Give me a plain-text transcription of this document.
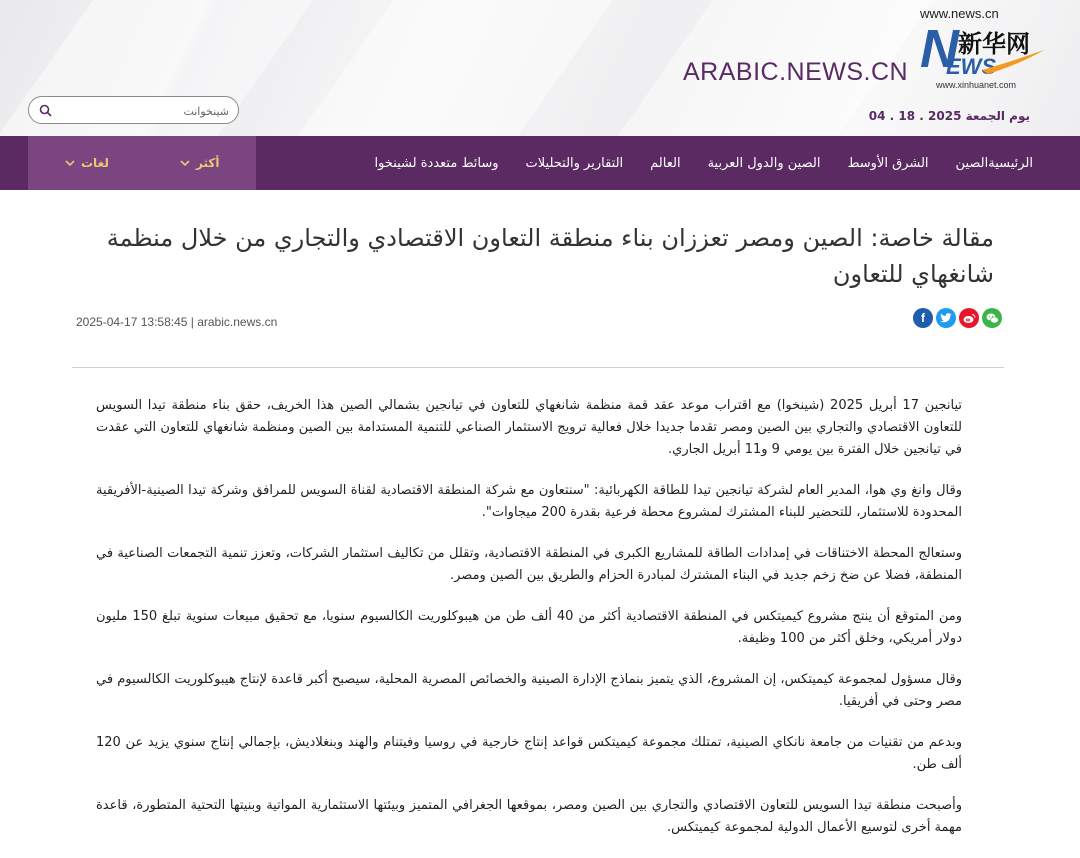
شينخوانت
ARABIC.NEWS.CN
www.news.cn
N 新华网
EWS
www.xinhuanet.com
يوم الجمعة 2025 . 18 . 04
لغات	أكثر	الرئيسية
الصين
الشرق الأوسط
الصين والدول العربية
العالم
التقارير والتحليلات
وسائط متعددة لشينخوا
مقالة خاصة: الصين ومصر تعززان بناء منطقة التعاون الاقتصادي والتجاري من خلال منظمة شانغهاي للتعاون
f
2025-04-17 13:58:45 | arabic.news.cn

تيانجين 17 أبريل 2025 (شينخوا) مع اقتراب موعد عقد قمة منظمة شانغهاي للتعاون في تيانجين بشمالي الصين هذا الخريف، حقق بناء منطقة تيدا السويس للتعاون الاقتصادي والتجاري بين الصين ومصر تقدما جديدا خلال فعالية ترويج الاستثمار الصناعي للتنمية المستدامة بين الصين ومنظمة شانغهاي للتعاون التي عقدت في تيانجين خلال الفترة بين يومي 9 و11 أبريل الجاري.

وقال وانغ وي هوا، المدير العام لشركة تيانجين تيدا للطاقة الكهربائية: "سنتعاون مع شركة المنطقة الاقتصادية لقناة السويس للمرافق وشركة تيدا الصينية-الأفريقية المحدودة للاستثمار، للتحضير للبناء المشترك لمشروع محطة فرعية بقدرة 200 ميجاوات".

وستعالج المحطة الاختناقات في إمدادات الطاقة للمشاريع الكبرى في المنطقة الاقتصادية، وتقلل من تكاليف استثمار الشركات، وتعزز تنمية التجمعات الصناعية في المنطقة، فضلا عن ضخ زخم جديد في البناء المشترك لمبادرة الحزام والطريق بين الصين ومصر.

ومن المتوقع أن ينتج مشروع كيميتكس في المنطقة الاقتصادية أكثر من 40 ألف طن من هيبوكلوريت الكالسيوم سنويا، مع تحقيق مبيعات سنوية تبلغ 150 مليون دولار أمريكي، وخلق أكثر من 100 وظيفة.

وقال مسؤول لمجموعة كيميتكس، إن المشروع، الذي يتميز بنماذج الإدارة الصينية والخصائص المصرية المحلية، سيصبح أكبر قاعدة لإنتاج هيبوكلوريت الكالسيوم في مصر وحتى في أفريقيا.

وبدعم من تقنيات من جامعة نانكاي الصينية، تمتلك مجموعة كيميتكس قواعد إنتاج خارجية في روسيا وفيتنام والهند وبنغلاديش، بإجمالي إنتاج سنوي يزيد عن 120 ألف طن.

وأصبحت منطقة تيدا السويس للتعاون الاقتصادي والتجاري بين الصين ومصر، بموقعها الجغرافي المتميز وبيئتها الاستثمارية المواتية وبنيتها التحتية المتطورة، قاعدة مهمة أخرى لتوسيع الأعمال الدولية لمجموعة كيميتكس.
